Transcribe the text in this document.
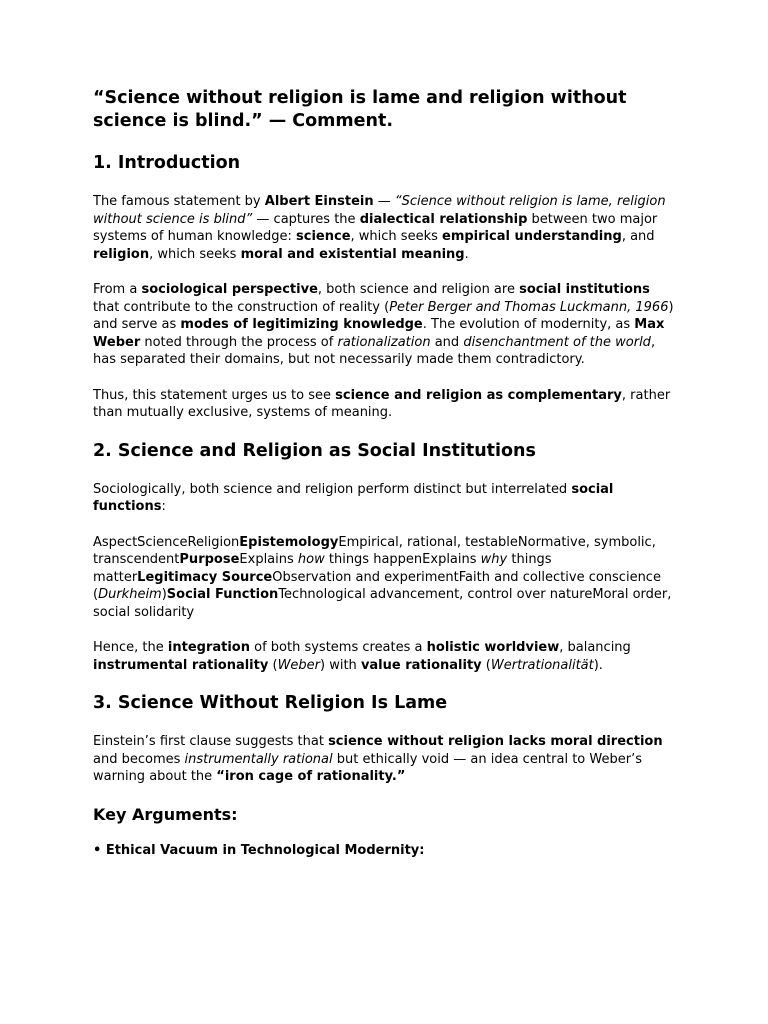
“Science without religion is lame and religion without science is blind.” — Comment.
1. Introduction

The famous statement by Albert Einstein — “Science without religion is lame, religion without science is blind” — captures the dialectical relationship between two major systems of human knowledge: science, which seeks empirical understanding, and religion, which seeks moral and existential meaning.

From a sociological perspective, both science and religion are social institutions that contribute to the construction of reality (Peter Berger and Thomas Luckmann, 1966) and serve as modes of legitimizing knowledge. The evolution of modernity, as Max Weber noted through the process of rationalization and disenchantment of the world, has separated their domains, but not necessarily made them contradictory.

Thus, this statement urges us to see science and religion as complementary, rather than mutually exclusive, systems of meaning.

2. Science and Religion as Social Institutions

Sociologically, both science and religion perform distinct but interrelated social functions:

AspectScienceReligionEpistemologyEmpirical, rational, testableNormative, symbolic, transcendentPurposeExplains how things happenExplains why things matterLegitimacy SourceObservation and experimentFaith and collective conscience (Durkheim)Social FunctionTechnological advancement, control over natureMoral order, social solidarity

Hence, the integration of both systems creates a holistic worldview, balancing instrumental rationality (Weber) with value rationality (Wertrationalität).

3. Science Without Religion Is Lame

Einstein’s first clause suggests that science without religion lacks moral direction and becomes instrumentally rational but ethically void — an idea central to Weber’s warning about the “iron cage of rationality.”

Key Arguments:

• Ethical Vacuum in Technological Modernity:
